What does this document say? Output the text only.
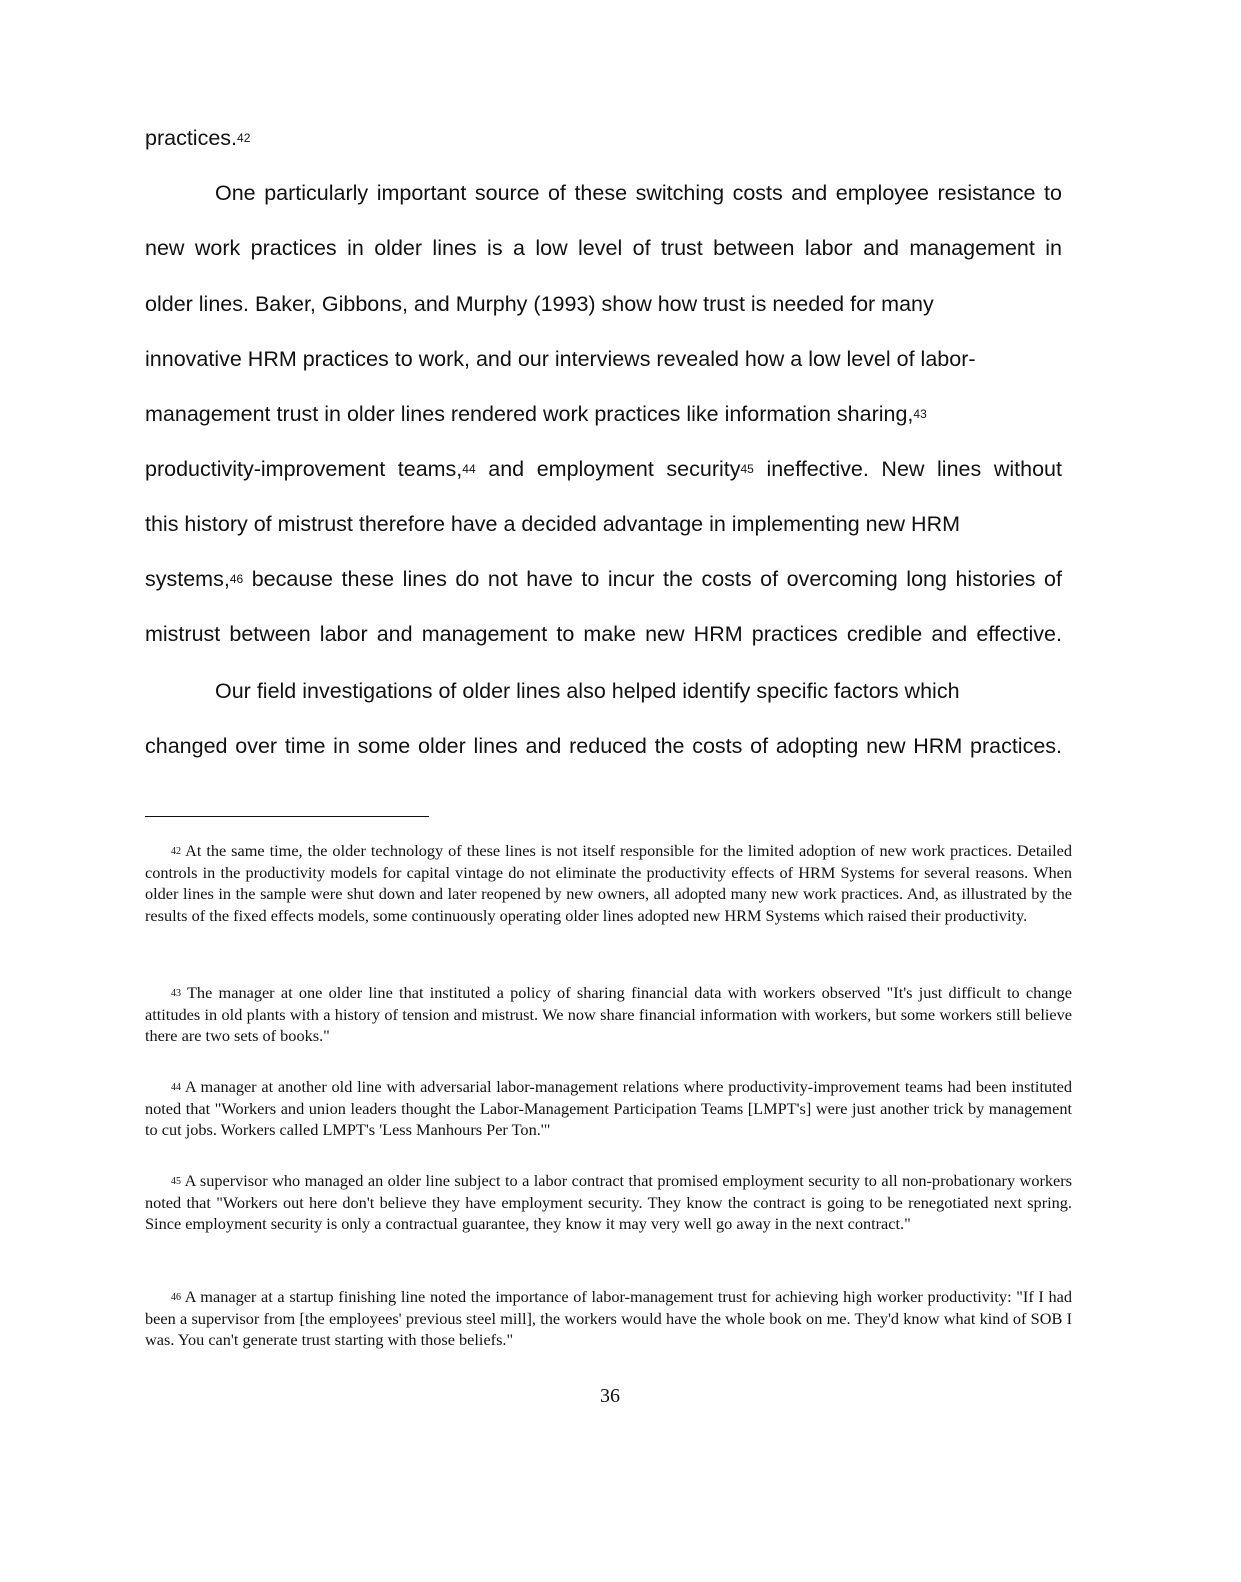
practices.$^{42}$
One particularly important source of these switching costs and employee resistance to
new work practices in older lines is a low level of trust between labor and management in
older lines. Baker, Gibbons, and Murphy (1993) show how trust is needed for many
innovative HRM practices to work, and our interviews revealed how a low level of labor-
management trust in older lines rendered work practices like information sharing,$^{43}$
productivity-improvement teams,$^{44}$ and employment security$^{45}$ ineffective. New lines without
this history of mistrust therefore have a decided advantage in implementing new HRM
systems,$^{46}$ because these lines do not have to incur the costs of overcoming long histories of
mistrust between labor and management to make new HRM practices credible and effective.
Our field investigations of older lines also helped identify specific factors which
changed over time in some older lines and reduced the costs of adopting new HRM practices.
$^{42}$ At the same time, the older technology of these lines is not itself responsible for the limited adoption of new work practices. Detailed controls in the productivity models for capital vintage do not eliminate the productivity effects of HRM Systems for several reasons. When older lines in the sample were shut down and later reopened by new owners, all adopted many new work practices. And, as illustrated by the results of the fixed effects models, some continuously operating older lines adopted new HRM Systems which raised their productivity.
$^{43}$ The manager at one older line that instituted a policy of sharing financial data with workers observed "It's just difficult to change attitudes in old plants with a history of tension and mistrust. We now share financial information with workers, but some workers still believe there are two sets of books."
$^{44}$ A manager at another old line with adversarial labor-management relations where productivity-improvement teams had been instituted noted that "Workers and union leaders thought the Labor-Management Participation Teams [LMPT's] were just another trick by management to cut jobs. Workers called LMPT's 'Less Manhours Per Ton.'"
$^{45}$ A supervisor who managed an older line subject to a labor contract that promised employment security to all non-probationary workers noted that "Workers out here don't believe they have employment security. They know the contract is going to be renegotiated next spring. Since employment security is only a contractual guarantee, they know it may very well go away in the next contract."
$^{46}$ A manager at a startup finishing line noted the importance of labor-management trust for achieving high worker productivity: "If I had been a supervisor from [the employees' previous steel mill], the workers would have the whole book on me. They'd know what kind of SOB I was. You can't generate trust starting with those beliefs."
36
